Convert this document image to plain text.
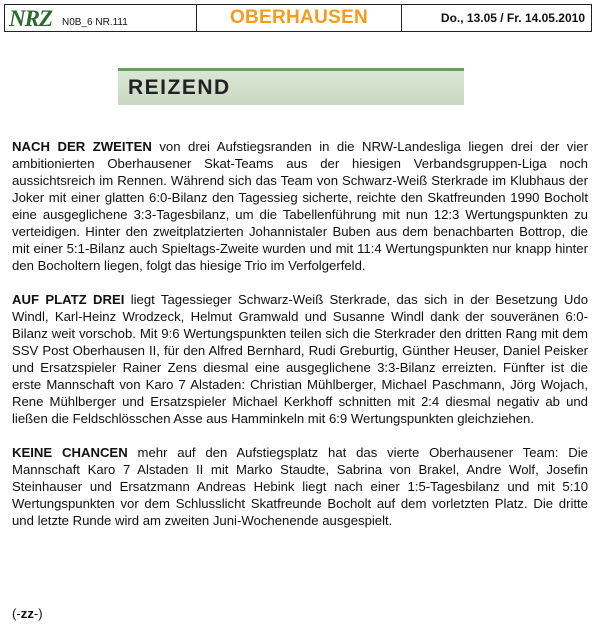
NRZ N0B_6 NR.111	OBERHAUSEN	Do., 13.05 / Fr. 14.05.2010
REIZEND

NACH DER ZWEITEN von drei Aufstiegsranden in die NRW-Landesliga liegen drei der vier ambitionierten Oberhausener Skat-Teams aus der hiesigen Verbandsgruppen-Liga noch aussichtsreich im Rennen. Während sich das Team von Schwarz-Weiß Sterkrade im Klubhaus der Joker mit einer glatten 6:0-Bilanz den Tagessieg sicherte, reichte den Skatfreunden 1990 Bocholt eine ausgeglichene 3:3-Tagesbilanz, um die Tabellenführung mit nun 12:3 Wertungspunkten zu verteidigen. Hinter den zweitplatzierten Johannistaler Buben aus dem benachbarten Bottrop, die mit einer 5:1-Bilanz auch Spieltags-Zweite wurden und mit 11:4 Wertungspunkten nur knapp hinter den Bocholtern liegen, folgt das hiesige Trio im Verfolgerfeld.

AUF PLATZ DREI liegt Tagessieger Schwarz-Weiß Sterkrade, das sich in der Besetzung Udo Windl, Karl-Heinz Wrodzeck, Helmut Gramwald und Susanne Windl dank der souveränen 6:0-Bilanz weit vorschob. Mit 9:6 Wertungspunkten teilen sich die Sterkrader den dritten Rang mit dem SSV Post Oberhausen II, für den Alfred Bernhard, Rudi Greburtig, Günther Heuser, Daniel Peisker und Ersatzspieler Rainer Zens diesmal eine ausgeglichene 3:3-Bilanz erreizten. Fünfter ist die erste Mannschaft von Karo 7 Alstaden: Christian Mühlberger, Michael Paschmann, Jörg Wojach, Rene Mühlberger und Ersatzspieler Michael Kerkhoff schnitten mit 2:4 diesmal negativ ab und ließen die Feldschlösschen Asse aus Hamminkeln mit 6:9 Wertungspunkten gleichziehen.

KEINE CHANCEN mehr auf den Aufstiegsplatz hat das vierte Oberhausener Team: Die Mannschaft Karo 7 Alstaden II mit Marko Staudte, Sabrina von Brakel, Andre Wolf, Josefin Steinhauser und Ersatzmann Andreas Hebink liegt nach einer 1:5-Tagesbilanz und mit 5:10 Wertungspunkten vor dem Schlusslicht Skatfreunde Bocholt auf dem vorletzten Platz. Die dritte und letzte Runde wird am zweiten Juni-Wochenende ausgespielt.

(-zz-)
